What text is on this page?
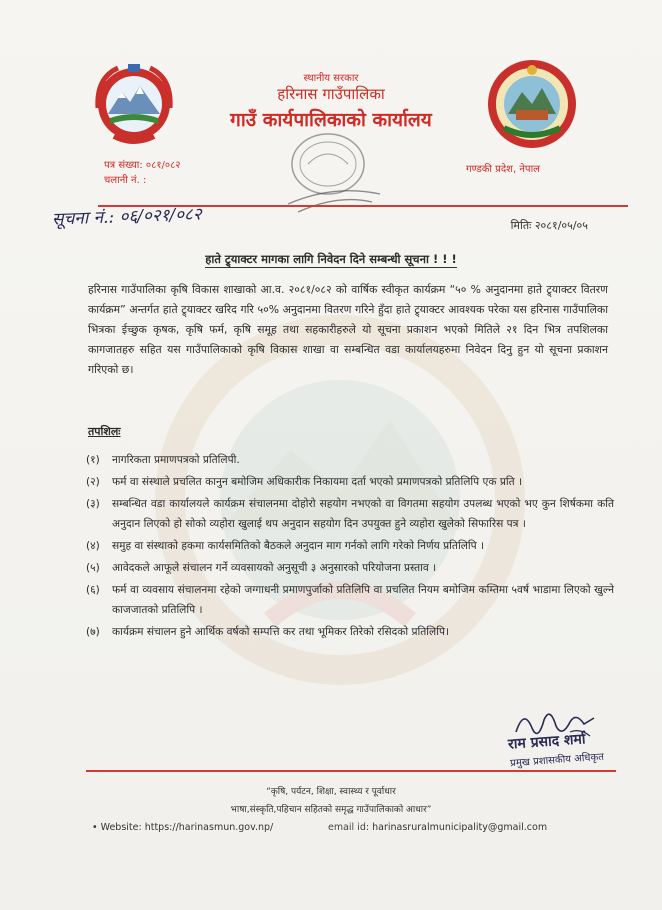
स्थानीय सरकार
हरिनास गाउँपालिका
गाउँ कार्यपालिकाको कार्यालय
पत्र संख्या: ०८१/०८२
चलानी नं. :
गण्डकी प्रदेश, नेपाल
सूचना नं.: ०६/०२१/०८२	मितिः २०८१/०५/०५
हाते ट्र्याक्टर मागका लागि निवेदन दिने सम्बन्धी सूचना ! ! !
हरिनास गाउँपालिका कृषि विकास शाखाको आ.व. २०८१/०८२ को वार्षिक स्वीकृत कार्यक्रम “५० % अनुदानमा हाते ट्र्याक्टर वितरण कार्यक्रम” अन्तर्गत हाते ट्र्याक्टर खरिद गरि ५०% अनुदानमा वितरण गरिने हुँदा हाते ट्र्याक्टर आवश्यक परेका यस हरिनास गाउँपालिका भित्रका ईच्छुक कृषक, कृषि फर्म, कृषि समूह तथा सहकारीहरुले यो सूचना प्रकाशन भएको मितिले २१ दिन भित्र तपशिलका कागजातहरु सहित यस गाउँपालिकाको कृषि विकास शाखा वा सम्बन्धित वडा कार्यालयहरुमा निवेदन दिनु हुन यो सूचना प्रकाशन गरिएको छ।
तपशिलः
(१) नागरिकता प्रमाणपत्रको प्रतिलिपी.
(२) फर्म वा संस्थाले प्रचलित कानुन बमोजिम अधिकारीक निकायमा दर्ता भएको प्रमाणपत्रको प्रतिलिपि एक प्रति ।
(३) सम्बन्धित वडा कार्यालयले कार्यक्रम संचालनमा दोहोरो सहयोग नभएको वा विगतमा सहयोग उपलब्ध भएको भए कुन शिर्षकमा कति अनुदान लिएको हो सोको व्यहोरा खुलाई थप अनुदान सहयोग दिन उपयुक्त हुने व्यहोरा खुलेको सिफारिस पत्र ।
(४) समुह वा संस्थाको हकमा कार्यसमितिको बैठकले अनुदान माग गर्नको लागि गरेको निर्णय प्रतिलिपि ।
(५) आवेदकले आफूले संचालन गर्ने व्यवसायको अनुसूची ३ अनुसारको परियोजना प्रस्ताव ।
(६) फर्म वा व्यवसाय संचालनमा रहेको जग्गाधनी प्रमाणपुर्जाको प्रतिलिपि वा प्रचलित नियम बमोजिम कम्तिमा ५वर्ष भाडामा लिएको खुल्ने काजजातको प्रतिलिपि ।
(७) कार्यक्रम संचालन हुने आर्थिक वर्षको सम्पत्ति कर तथा भूमिकर तिरेको रसिदको प्रतिलिपि।
राम प्रसाद शर्मा
प्रमुख प्रशासकीय अधिकृत
“कृषि, पर्यटन, शिक्षा, स्वास्थ्य र पूर्वाधार
भाषा,संस्कृति,पहिचान सहितको समृद्ध गाउँपालिकाको आधार”
• Website: https://harinasmun.gov.np/	email id: harinasruralmunicipality@gmail.com
